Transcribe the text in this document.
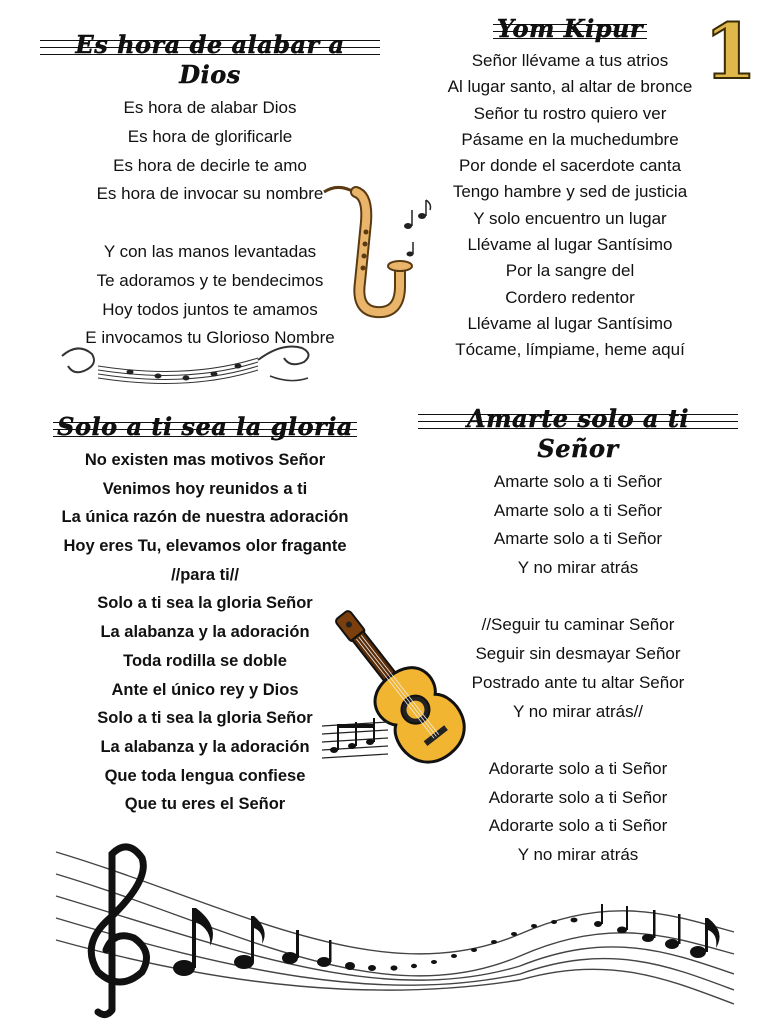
1
Es hora de alabar a Dios
Es hora de alabar Dios
Es hora de glorificarle
Es hora de decirle te amo
Es hora de invocar su nombre
Y con las manos levantadas
Te adoramos y te bendecimos
Hoy todos juntos te amamos
E invocamos tu Glorioso Nombre
Yom Kipur
Señor llévame a tus atrios
Al lugar santo, al altar de bronce
Señor tu rostro quiero ver
Pásame en la muchedumbre
Por donde el sacerdote canta
Tengo hambre y sed de justicia
Y solo encuentro un lugar
Llévame al lugar Santísimo
Por la sangre del
Cordero redentor
Llévame al lugar Santísimo
Tócame, límpiame, heme aquí
Solo a ti sea la gloria
No existen mas motivos Señor
Venimos hoy reunidos a ti
La única razón de nuestra adoración
Hoy eres Tu, elevamos olor fragante
//para ti//
Solo a ti sea la gloria Señor
La alabanza y la adoración
Toda rodilla se doble
Ante el único rey y Dios
Solo a ti sea la gloria Señor
La alabanza y la adoración
Que toda lengua confiese
Que tu eres el Señor
Amarte solo a ti Señor
Amarte solo a ti Señor
Amarte solo a ti Señor
Amarte solo a ti Señor
Y no mirar atrás
//Seguir tu caminar Señor
Seguir sin desmayar Señor
Postrado ante tu altar Señor
Y no mirar atrás//
Adorarte solo a ti Señor
Adorarte solo a ti Señor
Adorarte solo a ti Señor
Y no mirar atrás
